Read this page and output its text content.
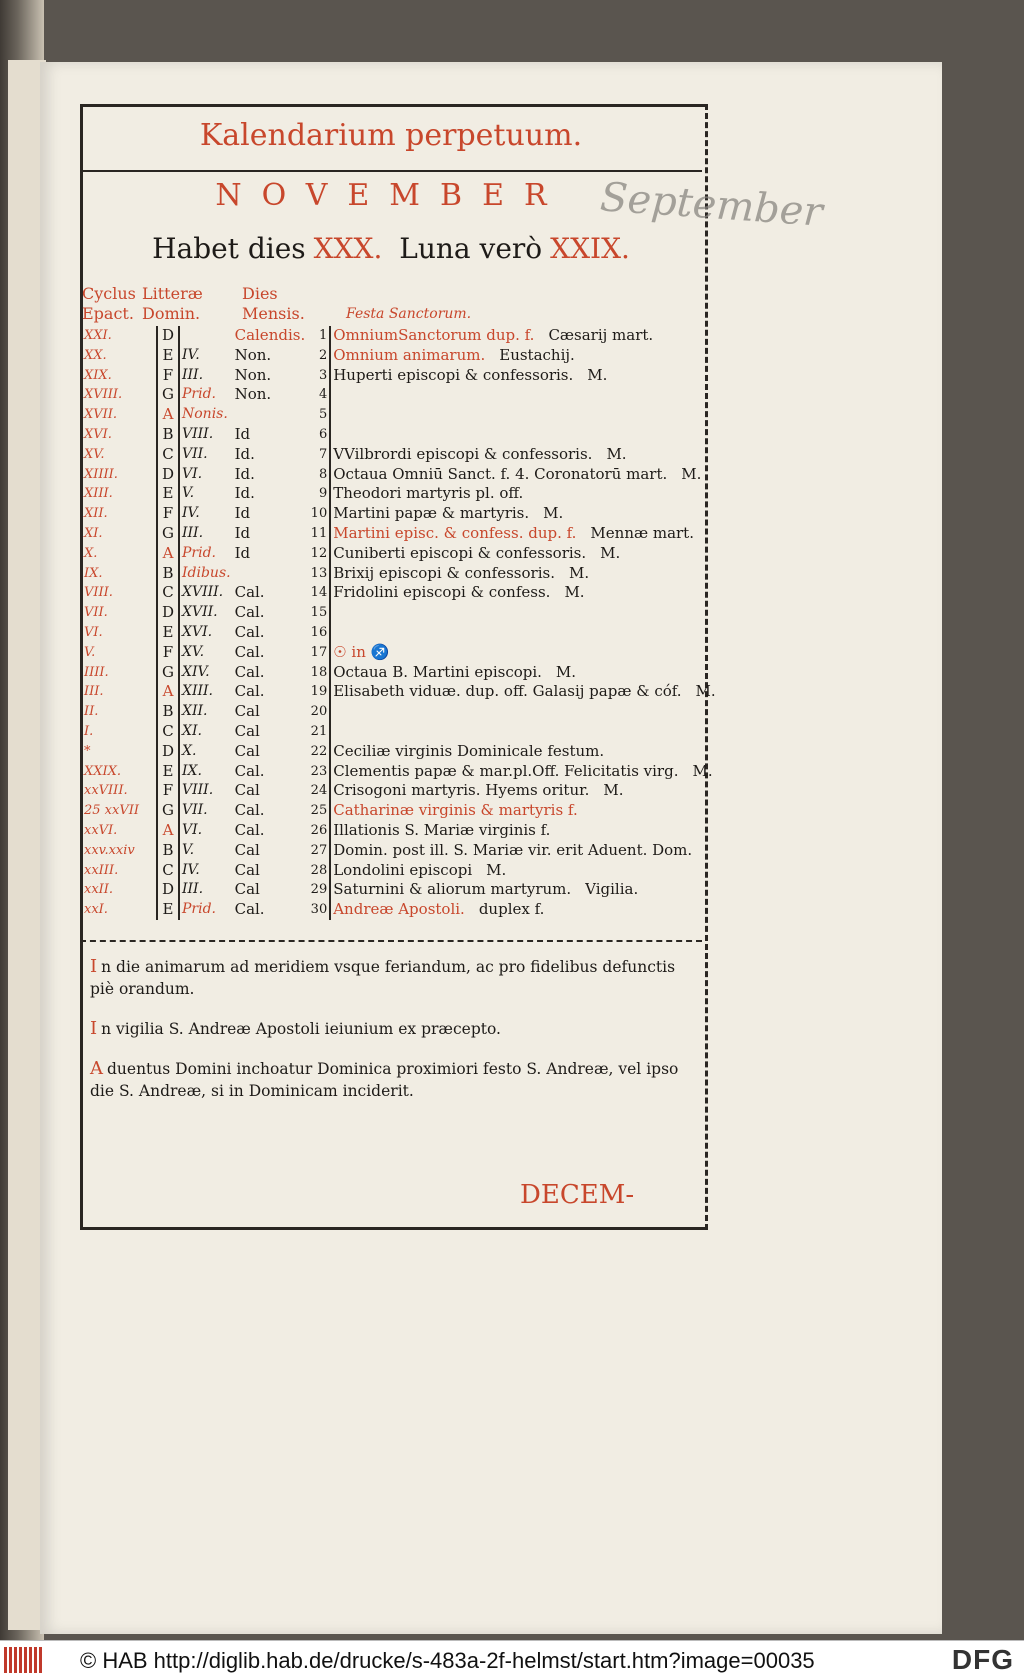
Kalendarium perpetuum.
NOVEMBER September
Habet dies XXX. Luna verò XXIX.
Cyclus
Epact.
Litteræ
Domin.
Dies
Mensis.	Festa Sanctorum.
XXI.	D		Calendis.	1	OmniumSanctorum dup. f. Cæsarij mart.
XX.	E	IV.	Non.	2	Omnium animarum. Eustachij.
XIX.	F	III.	Non.	3	Huperti episcopi & confessoris. M.
XVIII.	G	Prid.	Non.	4	
XVII.	A	Nonis.		5	
XVI.	B	VIII.	Id	6	
XV.	C	VII.	Id.	7	VVilbrordi episcopi & confessoris. M.
XIIII.	D	VI.	Id.	8	Octaua Omniū Sanct. f. 4. Coronatorū mart. M.
XIII.	E	V.	Id.	9	Theodori martyris pl. off.
XII.	F	IV.	Id	10	Martini papæ & martyris. M.
XI.	G	III.	Id	11	Martini episc. & confess. dup. f. Mennæ mart.
X.	A	Prid.	Id	12	Cuniberti episcopi & confessoris. M.
IX.	B	Idibus.		13	Brixij episcopi & confessoris. M.
VIII.	C	XVIII.	Cal.	14	Fridolini episcopi & confess. M.
VII.	D	XVII.	Cal.	15	
VI.	E	XVI.	Cal.	16	
V.	F	XV.	Cal.	17	☉ in ♐
IIII.	G	XIV.	Cal.	18	Octaua B. Martini episcopi. M.
III.	A	XIII.	Cal.	19	Elisabeth viduæ. dup. off. Galasij papæ & cóf. M.
II.	B	XII.	Cal	20	
I.	C	XI.	Cal	21	
*	D	X.	Cal	22	Ceciliæ virginis Dominicale festum.
XXIX.	E	IX.	Cal.	23	Clementis papæ & mar.pl.Off. Felicitatis virg. M.
xxVIII.	F	VIII.	Cal	24	Crisogoni martyris. Hyems oritur. M.
25 xxVII	G	VII.	Cal.	25	Catharinæ virginis & martyris f.
xxVI.	A	VI.	Cal.	26	Illationis S. Mariæ virginis f.
xxv.xxiv	B	V.	Cal	27	Domin. post ill. S. Mariæ vir. erit Aduent. Dom.
xxIII.	C	IV.	Cal	28	Londolini episcopi M.
xxII.	D	III.	Cal	29	Saturnini & aliorum martyrum. Vigilia.
xxI.	E	Prid.	Cal.	30	Andreæ Apostoli. duplex f.

I n die animarum ad meridiem vsque feriandum, ac pro fidelibus defunctis piè orandum.

I n vigilia S. Andreæ Apostoli ieiunium ex præcepto.

A duentus Domini inchoatur Dominica proximiori festo S. Andreæ, vel ipso die S. Andreæ, si in Dominicam inciderit.

DECEM-
© HAB http://diglib.hab.de/drucke/s-483a-2f-helmst/start.htm?image=00035	DFG
